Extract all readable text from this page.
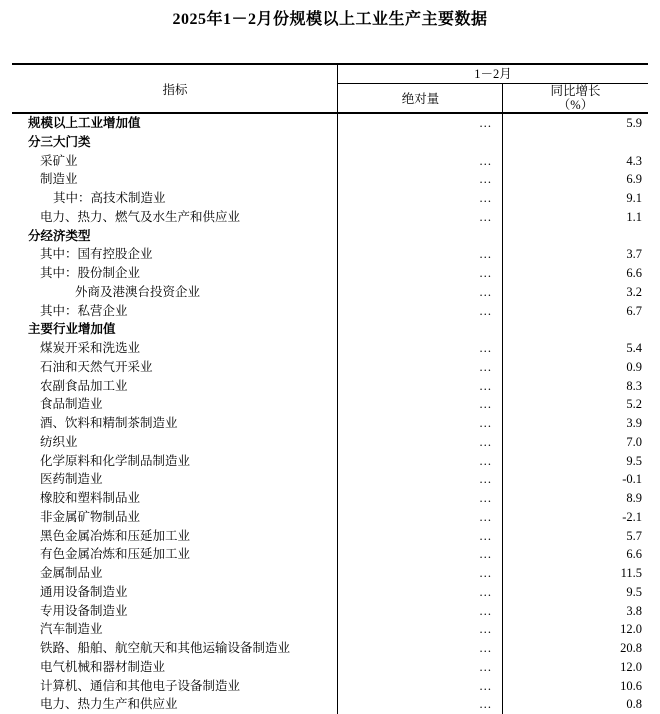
2025年1－2月份规模以上工业生产主要数据
指标
1－2月
绝对量
同比增长
（%）
规模以上工业增加值	…	5.9
分三大门类
采矿业	…	4.3
制造业	…	6.9
其中：高技术制造业	…	9.1
电力、热力、燃气及水生产和供应业	…	1.1
分经济类型
其中：国有控股企业	…	3.7
其中：股份制企业	…	6.6
外商及港澳台投资企业	…	3.2
其中：私营企业	…	6.7
主要行业增加值
煤炭开采和洗选业	…	5.4
石油和天然气开采业	…	0.9
农副食品加工业	…	8.3
食品制造业	…	5.2
酒、饮料和精制茶制造业	…	3.9
纺织业	…	7.0
化学原料和化学制品制造业	…	9.5
医药制造业	…	-0.1
橡胶和塑料制品业	…	8.9
非金属矿物制品业	…	-2.1
黑色金属冶炼和压延加工业	…	5.7
有色金属冶炼和压延加工业	…	6.6
金属制品业	…	11.5
通用设备制造业	…	9.5
专用设备制造业	…	3.8
汽车制造业	…	12.0
铁路、船舶、航空航天和其他运输设备制造业	…	20.8
电气机械和器材制造业	…	12.0
计算机、通信和其他电子设备制造业	…	10.6
电力、热力生产和供应业	…	0.8
